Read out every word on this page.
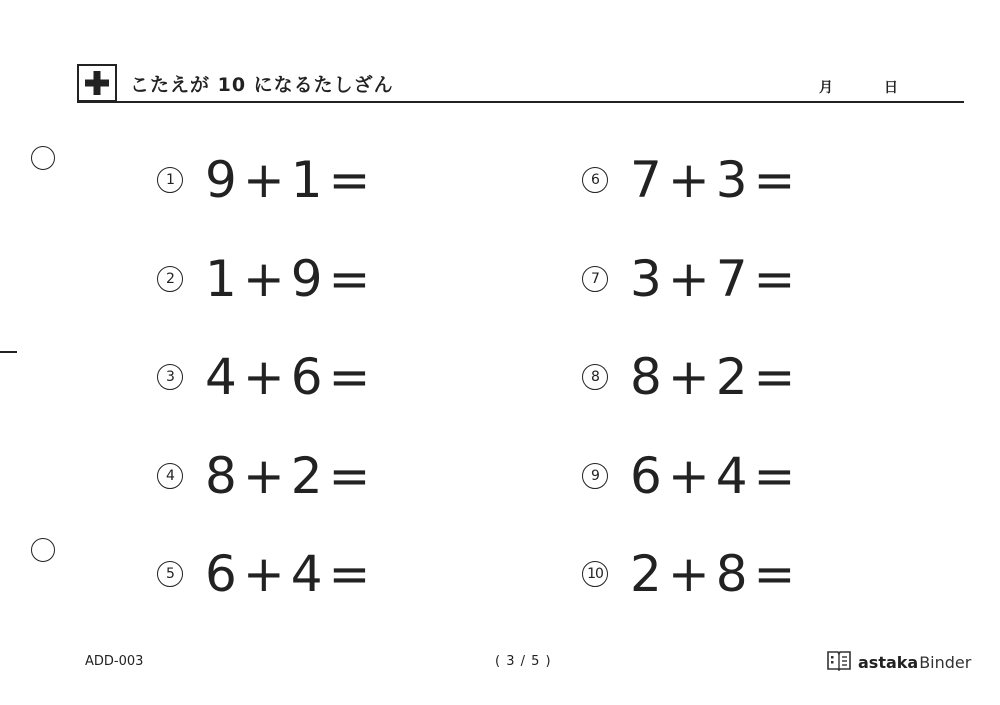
こたえが 10 になるたしざん	月	日
1 9 + 1 =
2 1 + 9 =
3 4 + 6 =
4 8 + 2 =
5 6 + 4 =
6 7 + 3 =
7 3 + 7 =
8 8 + 2 =
9 6 + 4 =
10 2 + 8 =
ADD-003	( 3 / 5 )	astaka Binder
